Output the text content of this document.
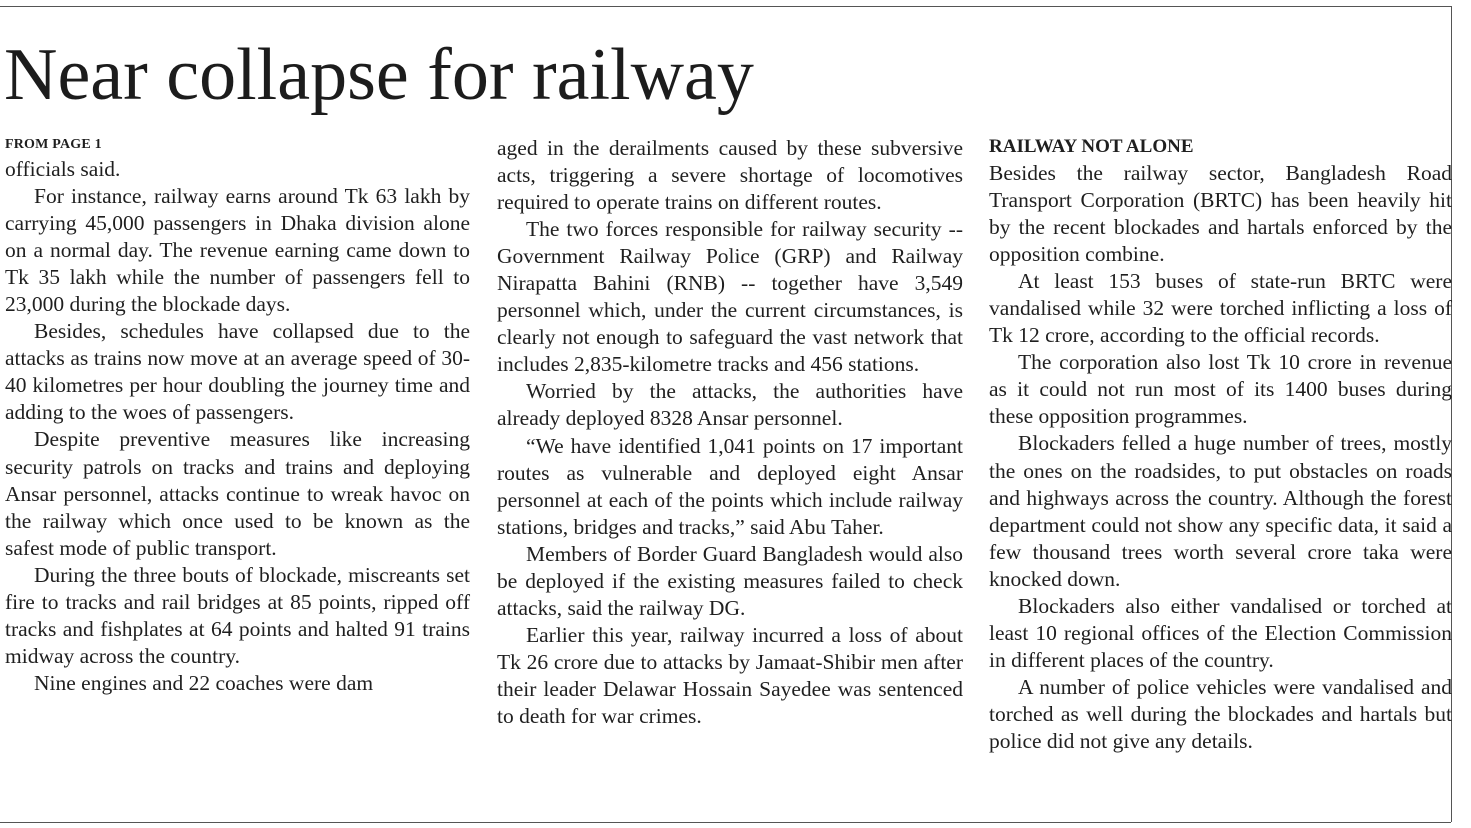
Near collapse for railway
FROM PAGE 1

officials said.

For instance, railway earns around Tk 63 lakh by carrying 45,000 passengers in Dhaka division alone on a normal day. The revenue earning came down to Tk 35 lakh while the number of passengers fell to 23,000 during the blockade days.

Besides, schedules have collapsed due to the attacks as trains now move at an average speed of 30-40 kilometres per hour doubling the journey time and adding to the woes of passengers.

Despite preventive measures like increasing security patrols on tracks and trains and deploying Ansar personnel, attacks continue to wreak havoc on the railway which once used to be known as the safest mode of public transport.

During the three bouts of blockade, miscreants set fire to tracks and rail bridges at 85 points, ripped off tracks and fishplates at 64 points and halted 91 trains midway across the country.

Nine engines and 22 coaches were dam

aged in the derailments caused by these subversive acts, triggering a severe shortage of locomotives required to operate trains on different routes.

The two forces responsible for railway security -- Government Railway Police (GRP) and Railway Nirapatta Bahini (RNB) -- together have 3,549 personnel which, under the current circumstances, is clearly not enough to safeguard the vast network that includes 2,835-kilometre tracks and 456 stations.

Worried by the attacks, the authorities have already deployed 8328 Ansar personnel.

“We have identified 1,041 points on 17 important routes as vulnerable and deployed eight Ansar personnel at each of the points which include railway stations, bridges and tracks,” said Abu Taher.

Members of Border Guard Bangladesh would also be deployed if the existing measures failed to check attacks, said the railway DG.

Earlier this year, railway incurred a loss of about Tk 26 crore due to attacks by Jamaat-Shibir men after their leader Delawar Hossain Sayedee was sentenced to death for war crimes.

RAILWAY NOT ALONE

Besides the railway sector, Bangladesh Road Transport Corporation (BRTC) has been heavily hit by the recent blockades and hartals enforced by the opposition combine.

At least 153 buses of state-run BRTC were vandalised while 32 were torched inflicting a loss of Tk 12 crore, according to the official records.

The corporation also lost Tk 10 crore in revenue as it could not run most of its 1400 buses during these opposition programmes.

Blockaders felled a huge number of trees, mostly the ones on the roadsides, to put obstacles on roads and highways across the country. Although the forest department could not show any specific data, it said a few thousand trees worth several crore taka were knocked down.

Blockaders also either vandalised or torched at least 10 regional offices of the Election Commission in different places of the country.

A number of police vehicles were vandalised and torched as well during the blockades and hartals but police did not give any details.
